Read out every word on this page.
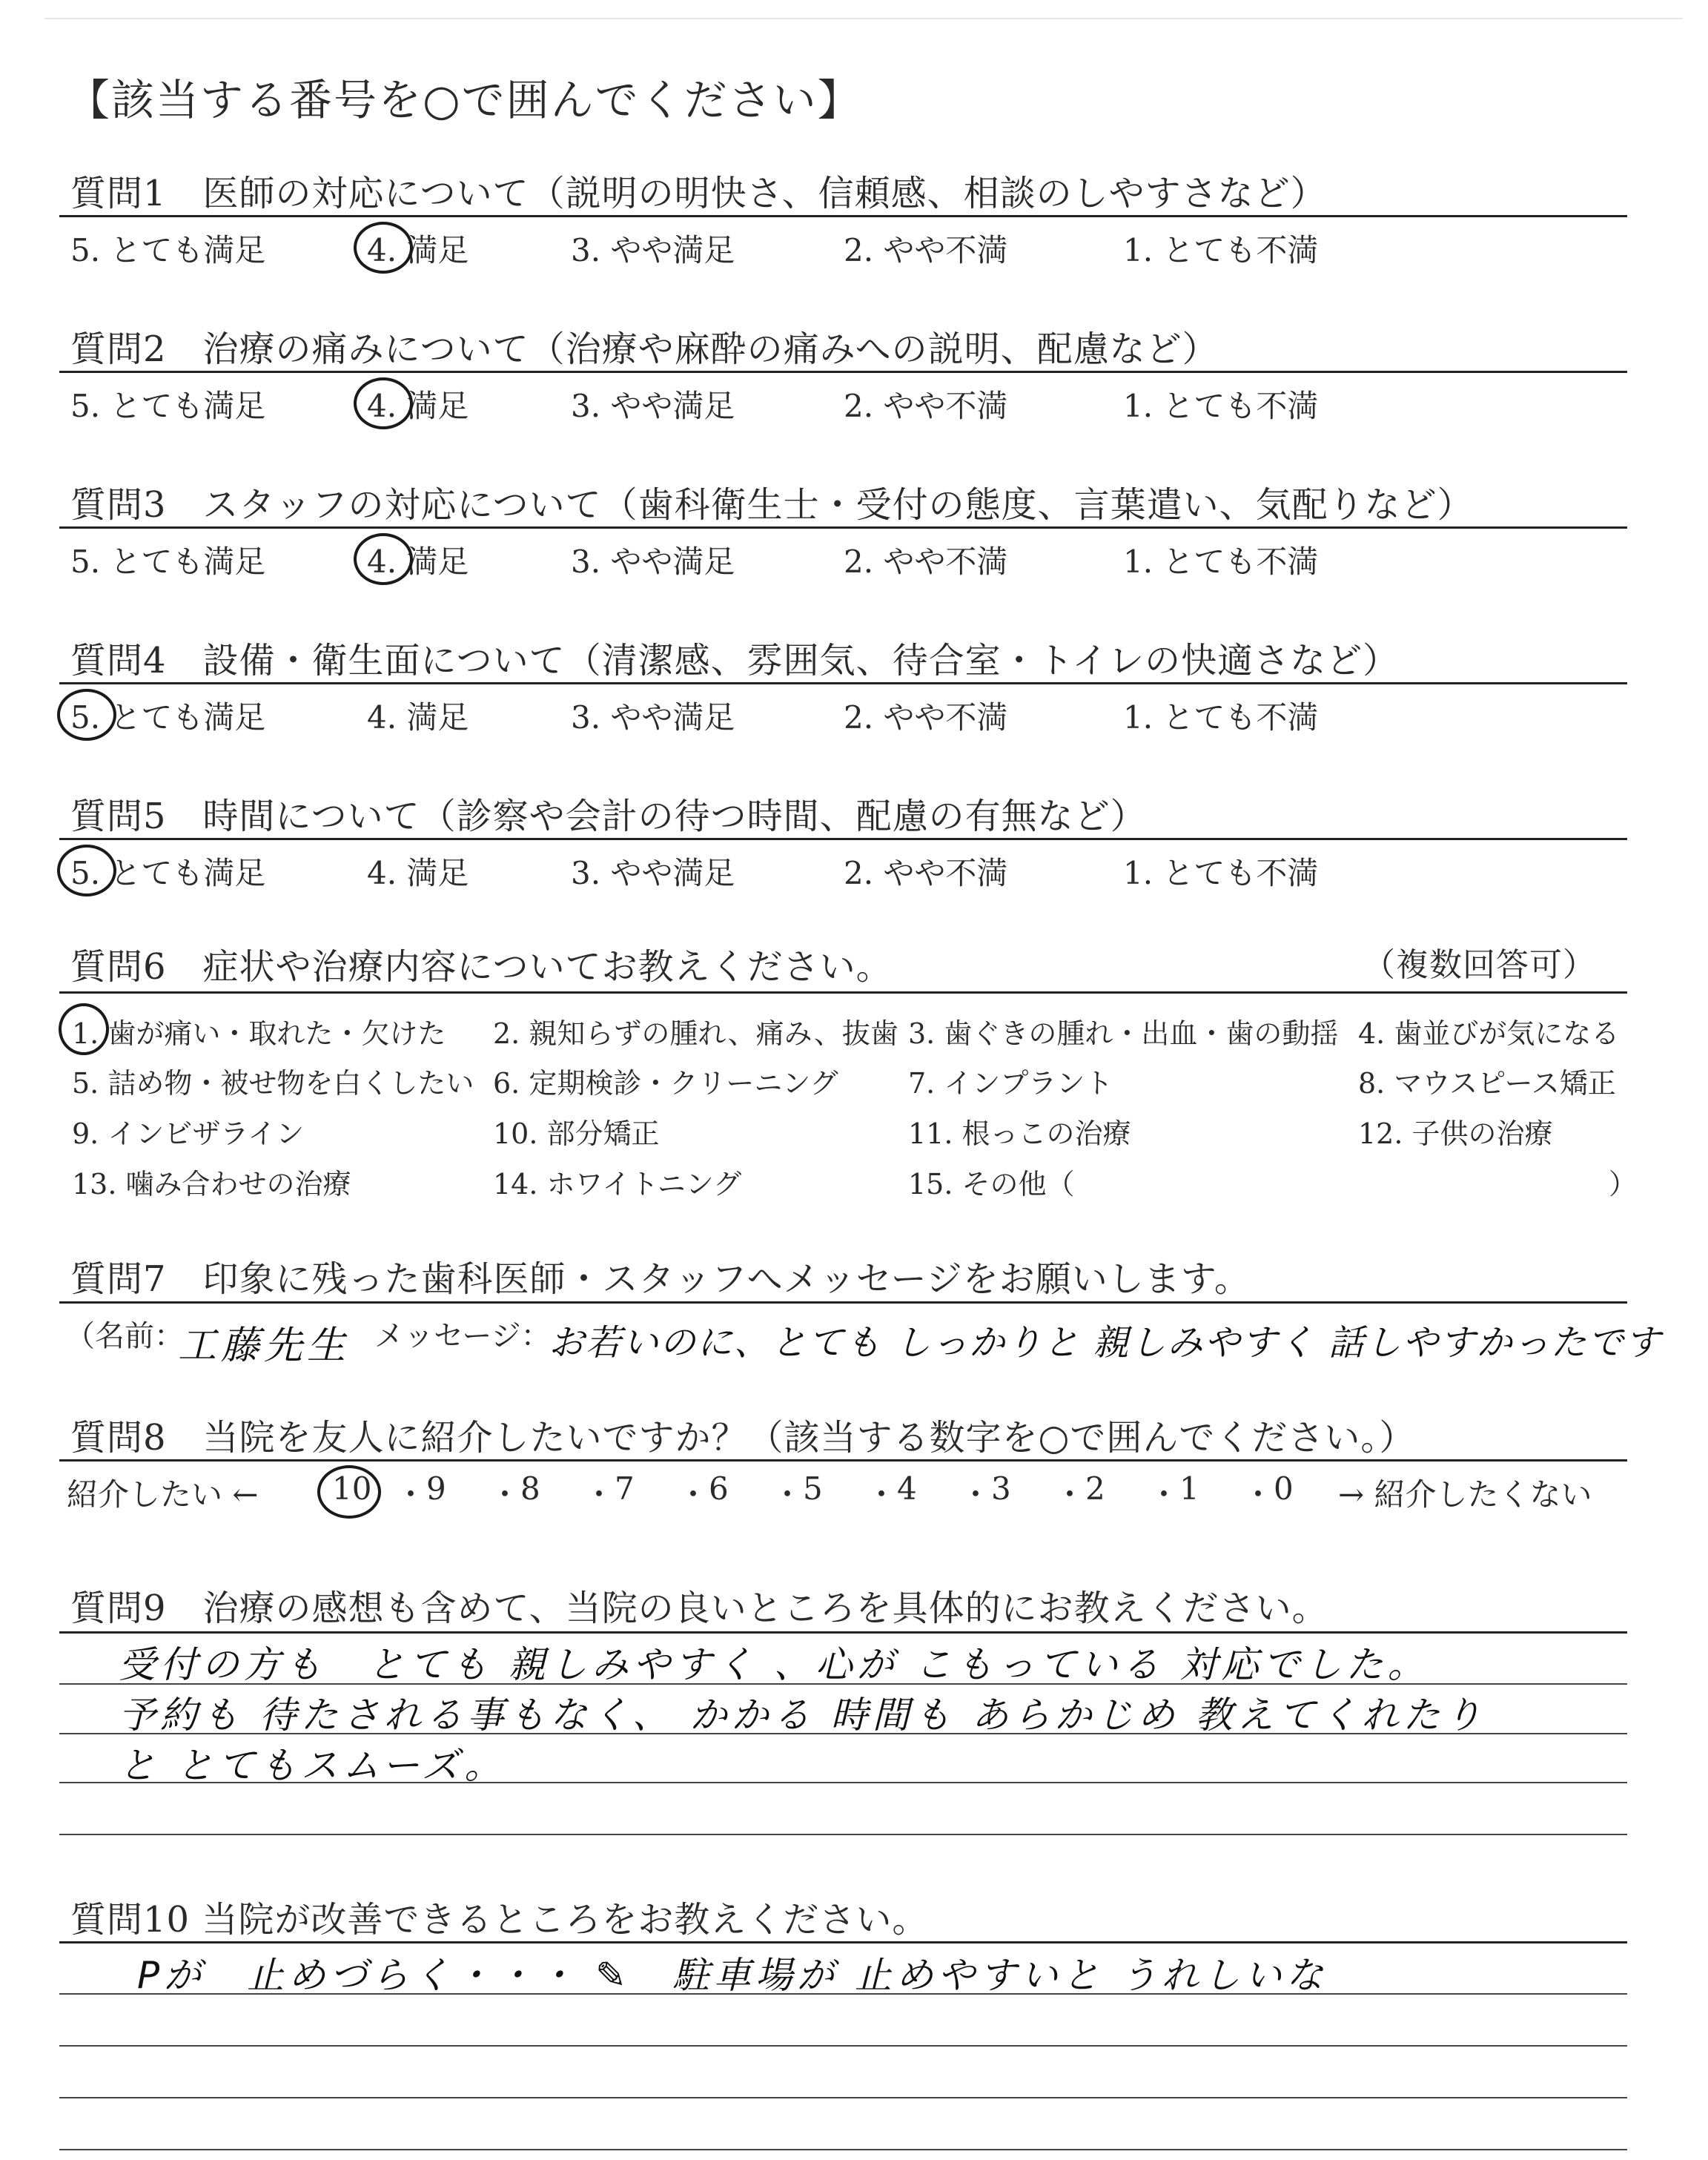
【該当する番号を○で囲んでください】
質問1　医師の対応について（説明の明快さ、信頼感、相談のしやすさなど）
5. とても満足	4. 満足	3. やや満足	2. やや不満	1. とても不満
質問2　治療の痛みについて（治療や麻酔の痛みへの説明、配慮など）
5. とても満足	4. 満足	3. やや満足	2. やや不満	1. とても不満
質問3　スタッフの対応について（歯科衛生士・受付の態度、言葉遣い、気配りなど）
5. とても満足	4. 満足	3. やや満足	2. やや不満	1. とても不満
質問4　設備・衛生面について（清潔感、雰囲気、待合室・トイレの快適さなど）
5. とても満足	4. 満足	3. やや満足	2. やや不満	1. とても不満
質問5　時間について（診察や会計の待つ時間、配慮の有無など）
5. とても満足	4. 満足	3. やや満足	2. やや不満	1. とても不満
質問6　症状や治療内容についてお教えください。	（複数回答可）
1. 歯が痛い・取れた・欠けた 2. 親知らずの腫れ、痛み、抜歯 3. 歯ぐきの腫れ・出血・歯の動揺 4. 歯並びが気になる
5. 詰め物・被せ物を白くしたい 6. 定期検診・クリーニング 7. インプラント	8. マウスピース矯正
9. インビザライン	10. 部分矯正	11. 根っこの治療	12. 子供の治療
13. 噛み合わせの治療	14. ホワイトニング	15. その他（	）
質問7　印象に残った歯科医師・スタッフへメッセージをお願いします。
（名前：
工藤先生 メッセージ：
お若いのに、とても しっかりと 親しみやすく 話しやすかったです
質問8　当院を友人に紹介したいですか？（該当する数字を○で囲んでください。）
紹介したい ←	→ 紹介したくない
10 ・ 9 ・ 8 ・ 7 ・ 6 ・ 5 ・ 4 ・ 3 ・ 2 ・ 1 ・ 0
質問9　治療の感想も含めて、当院の良いところを具体的にお教えください。
受付の方も　とても 親しみやすく 、心が こもっている 対応でした。
予約も 待たされる事もなく、 かかる 時間も あらかじめ 教えてくれたり
と とてもスムーズ。
質問10 当院が改善できるところをお教えください。
Pが　止めづらく・・・ ✎　駐車場が 止めやすいと うれしいな
